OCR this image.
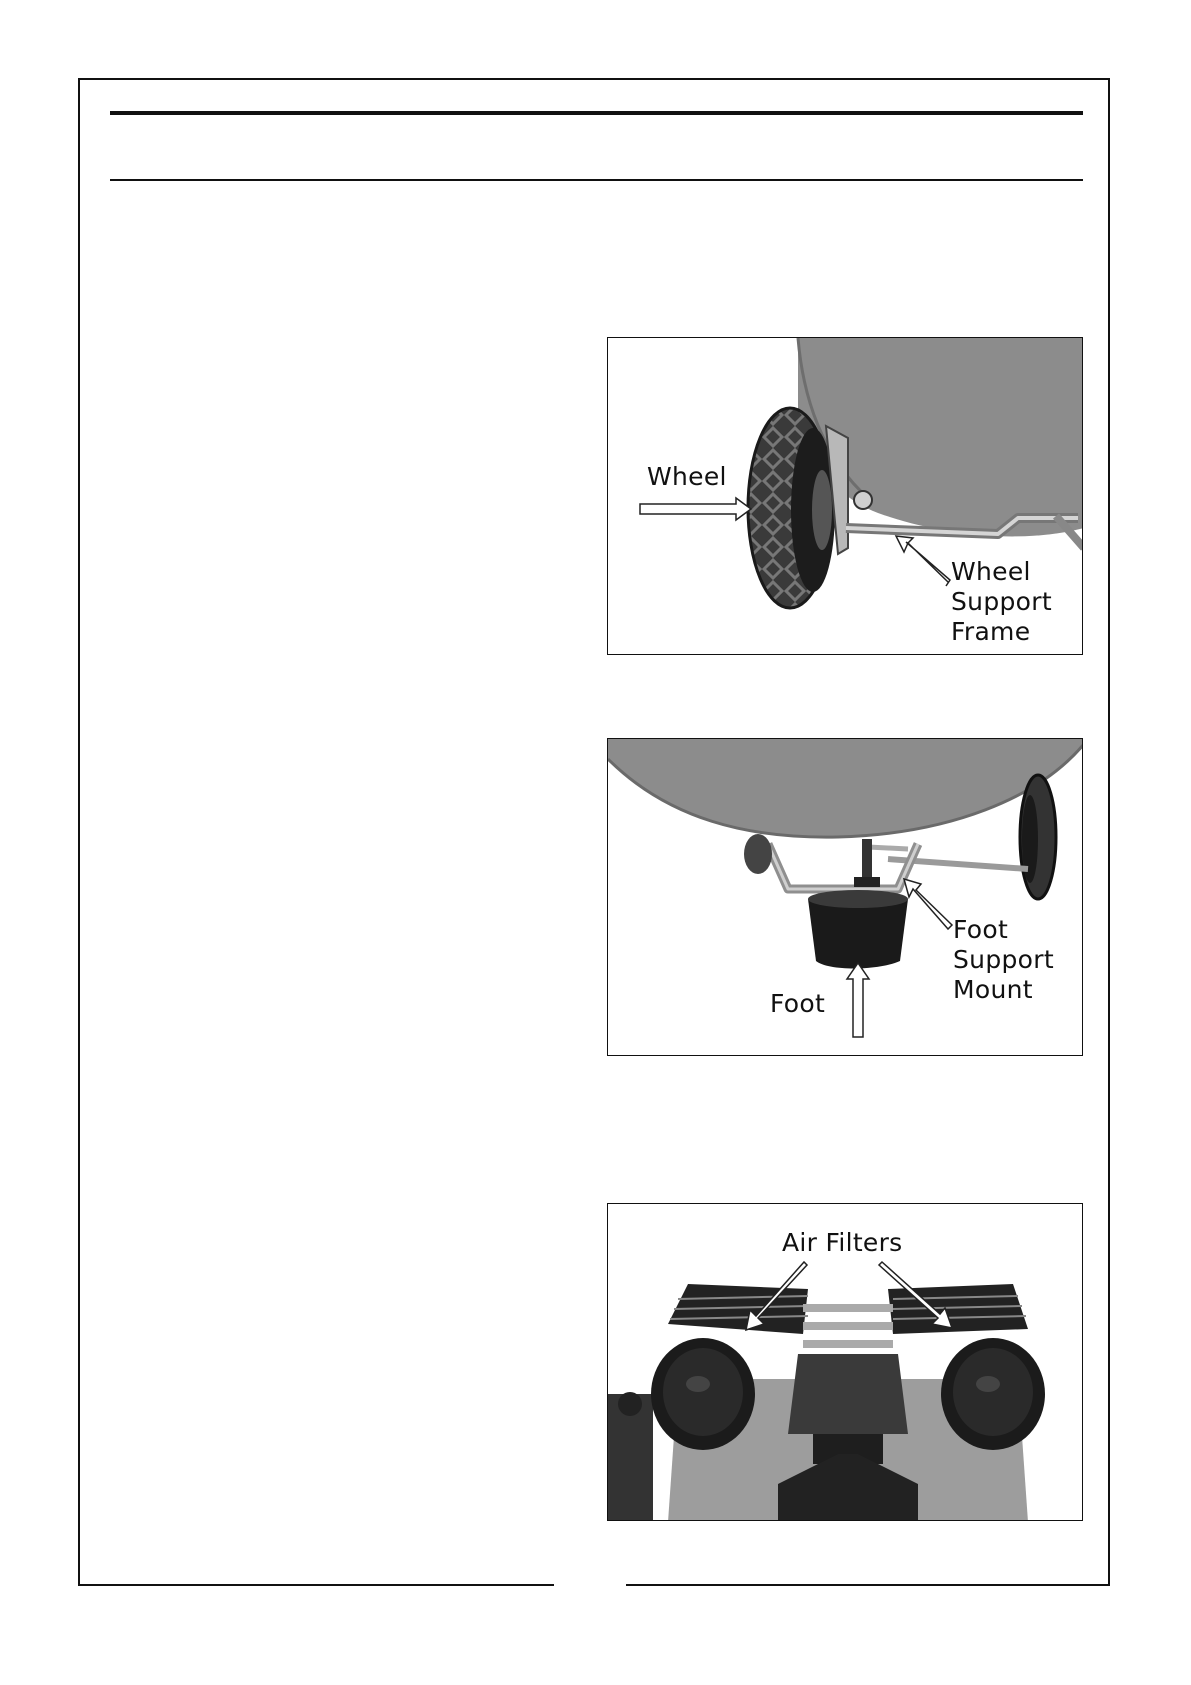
Wheel
Wheel
Support
Frame
Foot
Foot
Support
Mount
Air Filters
